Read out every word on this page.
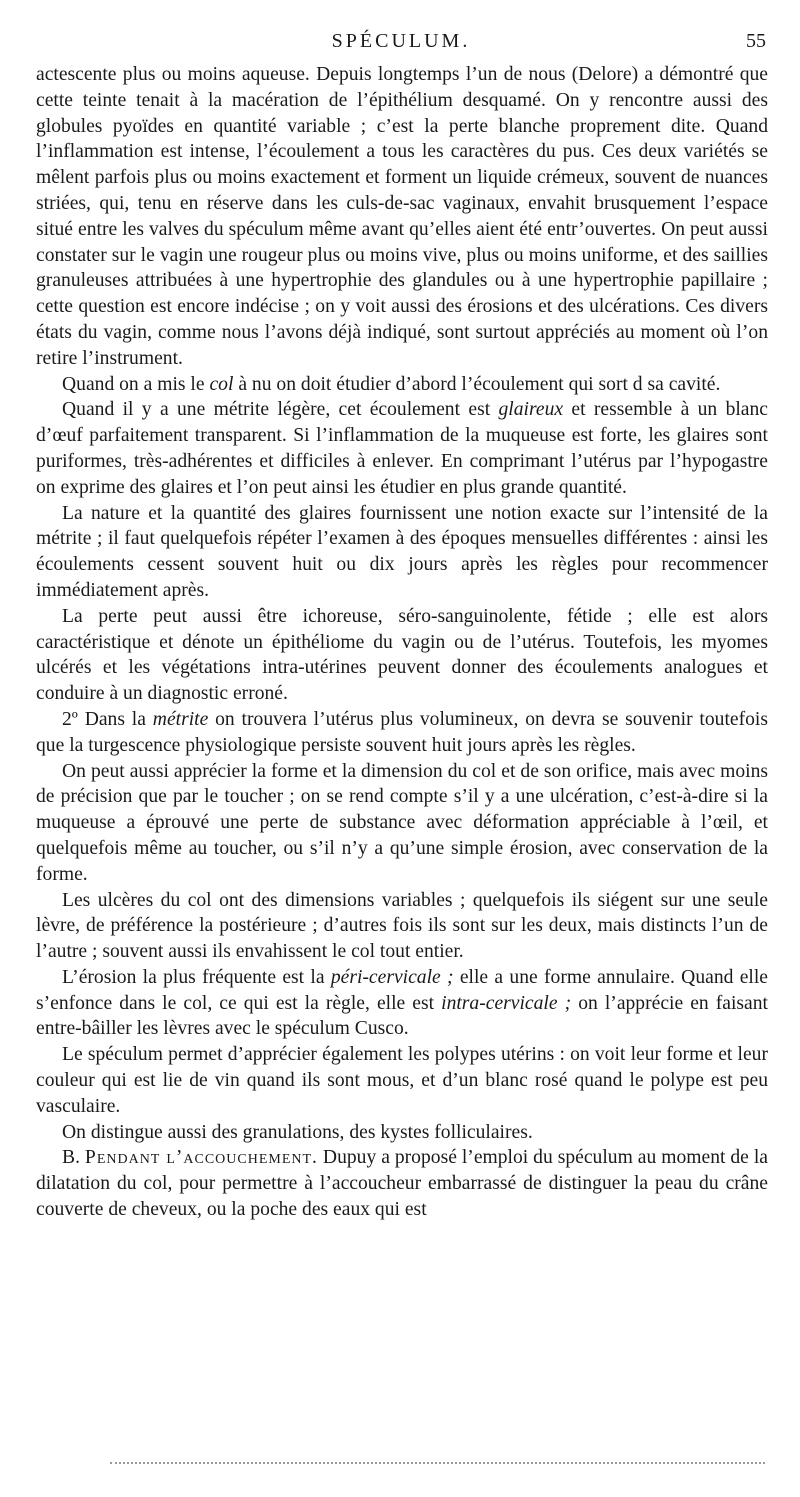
SPÉCULUM.	55

actescente plus ou moins aqueuse. Depuis longtemps l’un de nous (Delore) a démontré que cette teinte tenait à la macération de l’épithélium desquamé. On y rencontre aussi des globules pyoïdes en quantité variable ; c’est la perte blanche proprement dite. Quand l’inflammation est intense, l’écoulement a tous les caractères du pus. Ces deux variétés se mêlent parfois plus ou moins exactement et forment un liquide crémeux, souvent de nuances striées, qui, tenu en réserve dans les culs-de-sac vaginaux, envahit brusquement l’espace situé entre les valves du spéculum même avant qu’elles aient été entr’ouvertes. On peut aussi constater sur le vagin une rougeur plus ou moins vive, plus ou moins uniforme, et des saillies granuleuses attribuées à une hypertrophie des glandules ou à une hypertrophie papillaire ; cette question est encore indécise ; on y voit aussi des érosions et des ulcérations. Ces divers états du vagin, comme nous l’avons déjà indiqué, sont surtout appréciés au moment où l’on retire l’instrument.

Quand on a mis le col à nu on doit étudier d’abord l’écoulement qui sort d sa cavité.

Quand il y a une métrite légère, cet écoulement est glaireux et ressemble à un blanc d’œuf parfaitement transparent. Si l’inflammation de la muqueuse est forte, les glaires sont puriformes, très-adhérentes et difficiles à enlever. En comprimant l’utérus par l’hypogastre on exprime des glaires et l’on peut ainsi les étudier en plus grande quantité.

La nature et la quantité des glaires fournissent une notion exacte sur l’intensité de la métrite ; il faut quelquefois répéter l’examen à des époques mensuelles différentes : ainsi les écoulements cessent souvent huit ou dix jours après les règles pour recommencer immédiatement après.

La perte peut aussi être ichoreuse, séro-sanguinolente, fétide ; elle est alors caractéristique et dénote un épithéliome du vagin ou de l’utérus. Toutefois, les myomes ulcérés et les végétations intra-utérines peuvent donner des écoulements analogues et conduire à un diagnostic erroné.

2º Dans la métrite on trouvera l’utérus plus volumineux, on devra se souvenir toutefois que la turgescence physiologique persiste souvent huit jours après les règles.

On peut aussi apprécier la forme et la dimension du col et de son orifice, mais avec moins de précision que par le toucher ; on se rend compte s’il y a une ulcération, c’est-à-dire si la muqueuse a éprouvé une perte de substance avec déformation appréciable à l’œil, et quelquefois même au toucher, ou s’il n’y a qu’une simple érosion, avec conservation de la forme.

Les ulcères du col ont des dimensions variables ; quelquefois ils siégent sur une seule lèvre, de préférence la postérieure ; d’autres fois ils sont sur les deux, mais distincts l’un de l’autre ; souvent aussi ils envahissent le col tout entier.

L’érosion la plus fréquente est la péri-cervicale ; elle a une forme annulaire. Quand elle s’enfonce dans le col, ce qui est la règle, elle est intra-cervicale ; on l’apprécie en faisant entre-bâiller les lèvres avec le spéculum Cusco.

Le spéculum permet d’apprécier également les polypes utérins : on voit leur forme et leur couleur qui est lie de vin quand ils sont mous, et d’un blanc rosé quand le polype est peu vasculaire.

On distingue aussi des granulations, des kystes folliculaires.

B. Pendant l’accouchement. Dupuy a proposé l’emploi du spéculum au moment de la dilatation du col, pour permettre à l’accoucheur embarrassé de distinguer la peau du crâne couverte de cheveux, ou la poche des eaux qui est
